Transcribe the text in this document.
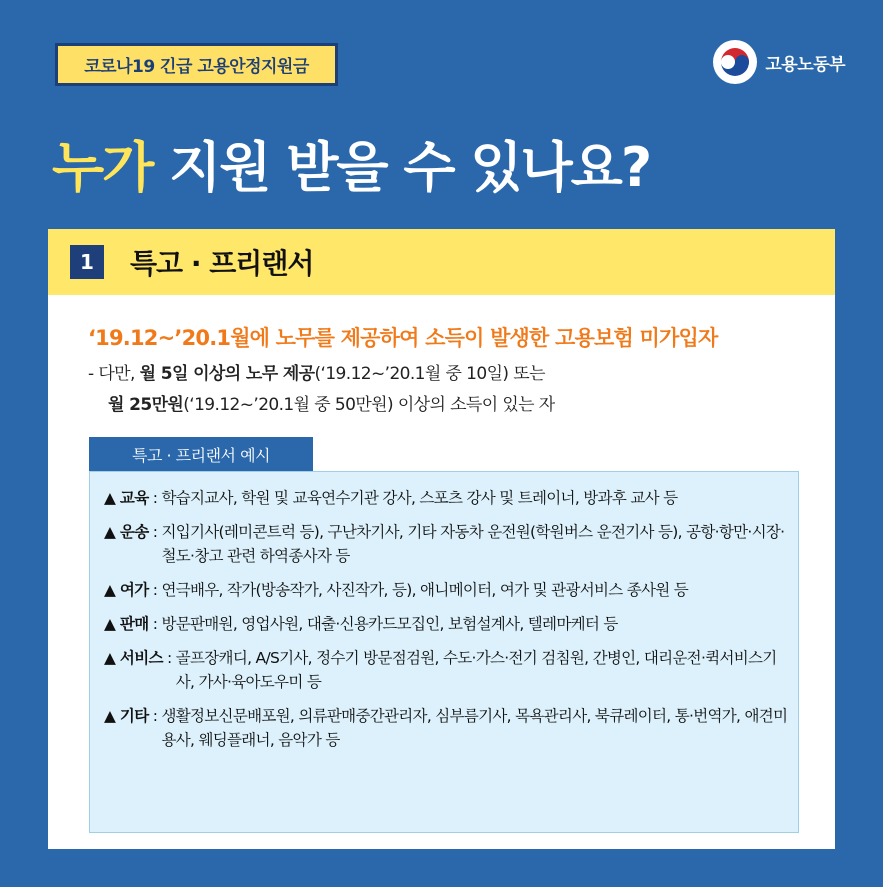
코로나19 긴급 고용안정지원금	고용노동부
누가 지원 받을 수 있나요?
1	특고 · 프리랜서
‘19.12~’20.1월에 노무를 제공하여 소득이 발생한 고용보험 미가입자
- 다만, 월 5일 이상의 노무 제공(‘19.12~’20.1월 중 10일) 또는
월 25만원(‘19.12~’20.1월 중 50만원) 이상의 소득이 있는 자
특고 · 프리랜서 예시
▲ 교육 : 학습지교사, 학원 및 교육연수기관 강사, 스포츠 강사 및 트레이너, 방과후 교사 등
▲ 운송 : 지입기사(레미콘트럭 등), 구난차기사, 기타 자동차 운전원(학원버스 운전기사 등), 공항·항만·시장·철도·창고 관련 하역종사자 등
▲ 여가 : 연극배우, 작가(방송작가, 사진작가, 등), 애니메이터, 여가 및 관광서비스 종사원 등
▲ 판매 : 방문판매원, 영업사원, 대출·신용카드모집인, 보험설계사, 텔레마케터 등
▲ 서비스 : 골프장캐디, A/S기사, 정수기 방문점검원, 수도·가스·전기 검침원, 간병인, 대리운전·퀵서비스기사, 가사·육아도우미 등
▲ 기타 : 생활정보신문배포원, 의류판매중간관리자, 심부름기사, 목욕관리사, 북큐레이터, 통·번역가, 애견미용사, 웨딩플래너, 음악가 등
